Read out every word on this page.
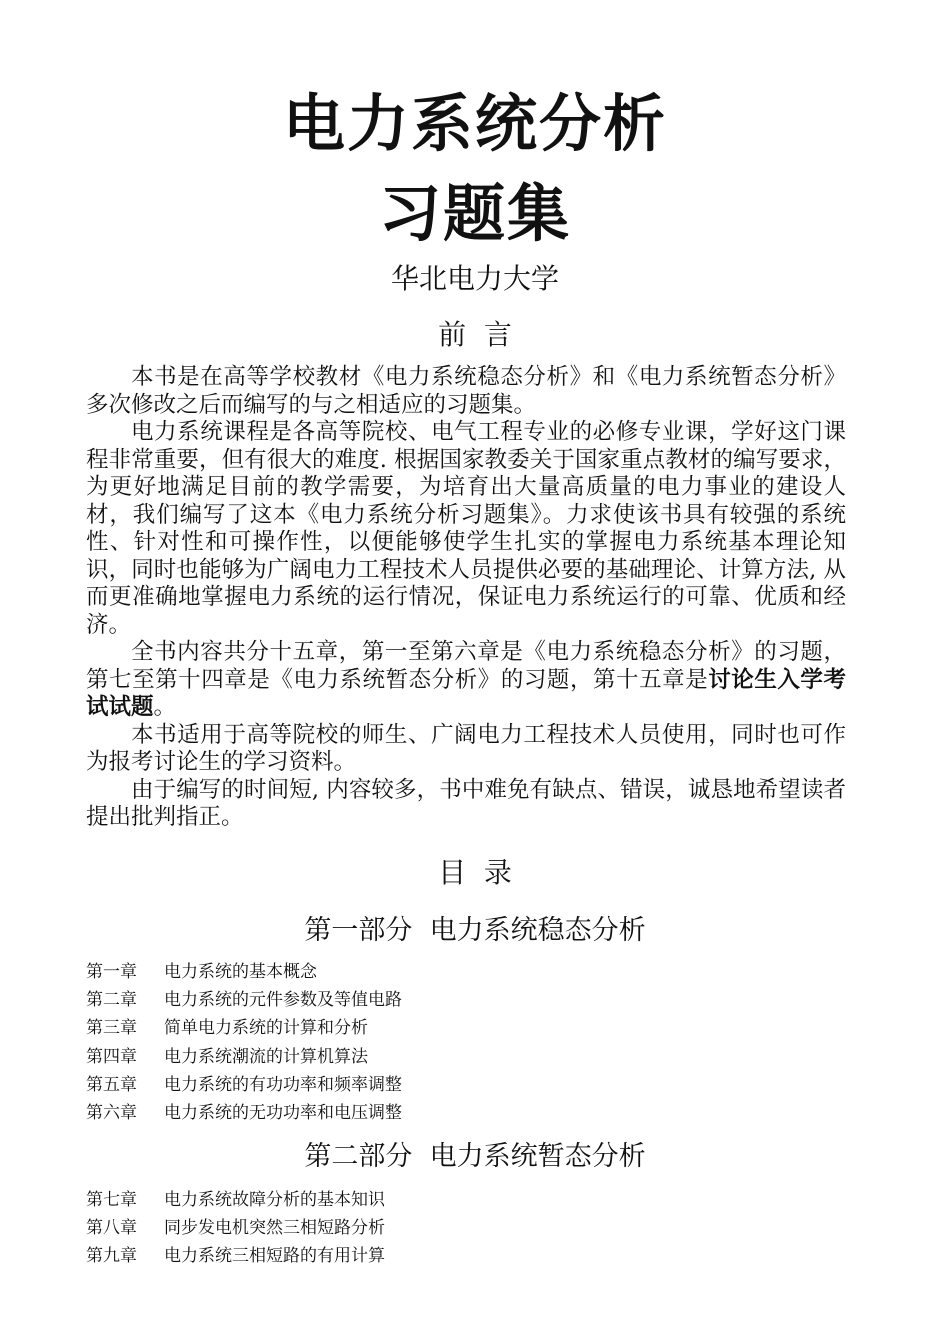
电力系统分析
习题集
华北电力大学
前  言

本书是在高等学校教材《电力系统稳态分析》和《电力系统暂态分析》多次修改之后而编写的与之相适应的习题集。

电力系统课程是各高等院校、电气工程专业的必修专业课，学好这门课程非常重要，但有很大的难度. 根据国家教委关于国家重点教材的编写要求，为更好地满足目前的教学需要，为培育出大量高质量的电力事业的建设人材，我们编写了这本《电力系统分析习题集》。力求使该书具有较强的系统性、针对性和可操作性，以便能够使学生扎实的掌握电力系统基本理论知识，同时也能够为广阔电力工程技术人员提供必要的基础理论、计算方法, 从而更准确地掌握电力系统的运行情况，保证电力系统运行的可靠、优质和经济。

全书内容共分十五章，第一至第六章是《电力系统稳态分析》的习题，第七至第十四章是《电力系统暂态分析》的习题，第十五章是讨论生入学考试试题。

本书适用于高等院校的师生、广阔电力工程技术人员使用，同时也可作为报考讨论生的学习资料。

由于编写的时间短, 内容较多，书中难免有缺点、错误，诚恳地希望读者提出批判指正。

目  录
第一部分  电力系统稳态分析
第一章	电力系统的基本概念
第二章	电力系统的元件参数及等值电路
第三章	简单电力系统的计算和分析
第四章	电力系统潮流的计算机算法
第五章	电力系统的有功功率和频率调整
第六章	电力系统的无功功率和电压调整
第二部分  电力系统暂态分析
第七章	电力系统故障分析的基本知识
第八章	同步发电机突然三相短路分析
第九章	电力系统三相短路的有用计算
